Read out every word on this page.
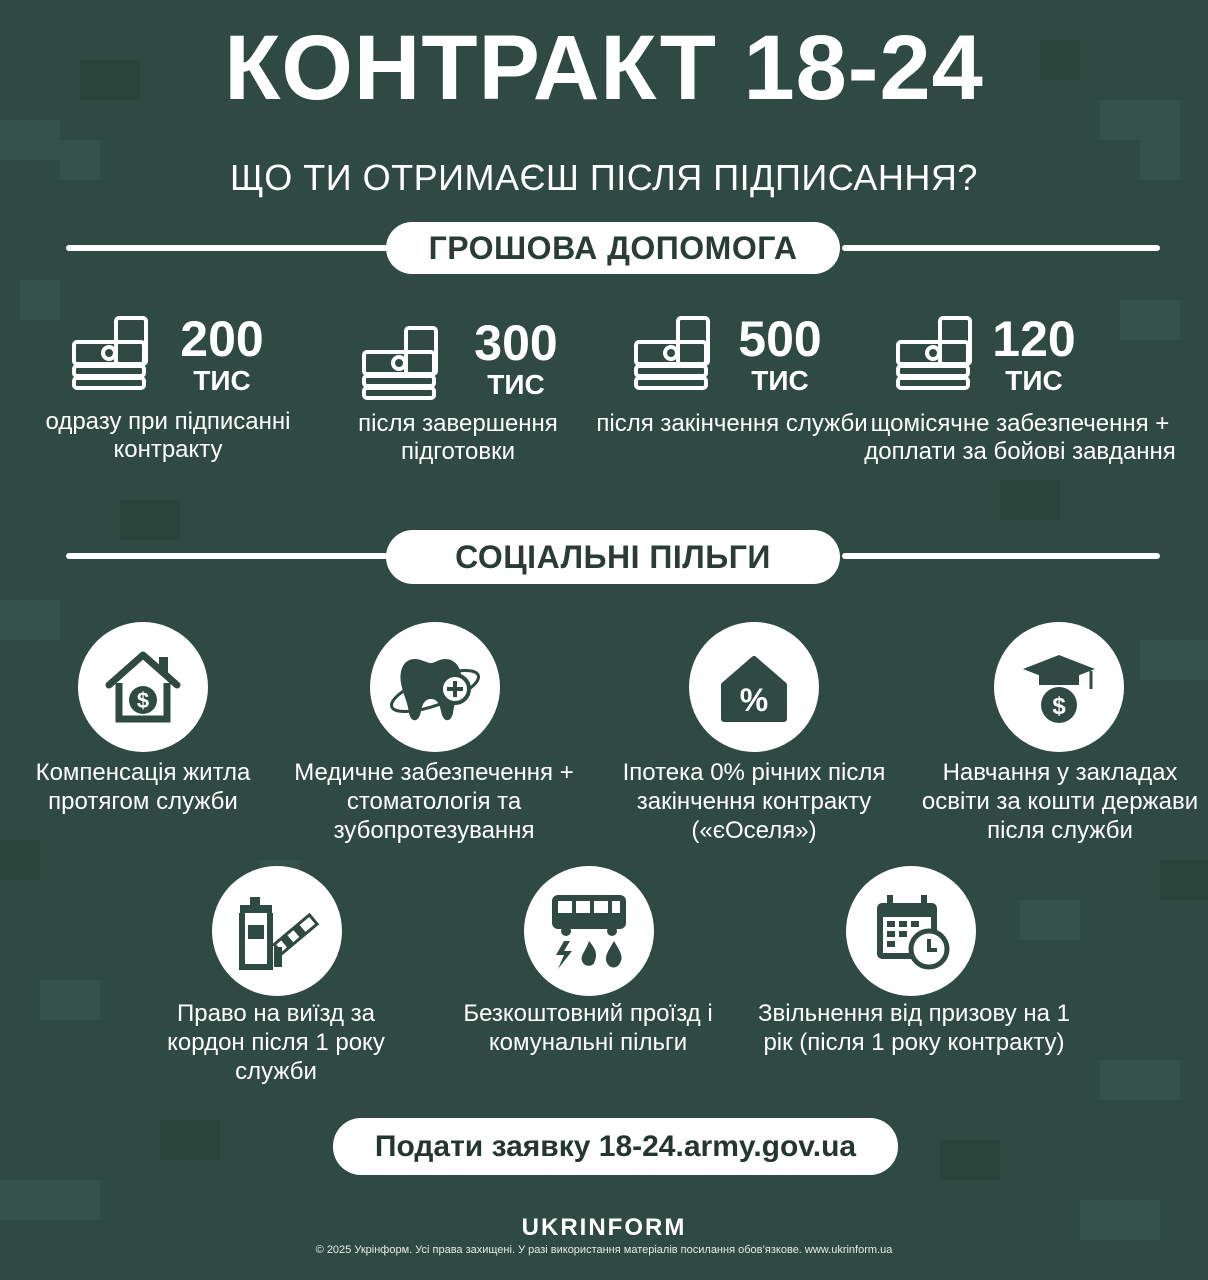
КОНТРАКТ 18-24
ЩО ТИ ОТРИМАЄШ ПІСЛЯ ПІДПИСАННЯ?
ГРОШОВА ДОПОМОГА
200
ТИС
одразу при підписанні контракту
300
ТИС
після завершення підготовки
500
ТИС
після закінчення служби
120
ТИС
щомісячне забезпечення + доплати за бойові завдання
СОЦІАЛЬНІ ПІЛЬГИ
$	%	$
Компенсація житла протягом служби
Медичне забезпечення + стоматологія та зубопротезування
Іпотека 0% річних після закінчення контракту («єОселя»)
Навчання у закладах освіти за кошти держави після служби
Право на виїзд за кордон після 1 року служби
Безкоштовний проїзд і комунальні пільги
Звільнення від призову на 1 рік (після 1 року контракту)
Подати заявку 18-24.army.gov.ua
UKRINFORM
© 2025 Укрінформ. Усі права захищені. У разі використання матеріалів посилання обов’язкове. www.ukrinform.ua
